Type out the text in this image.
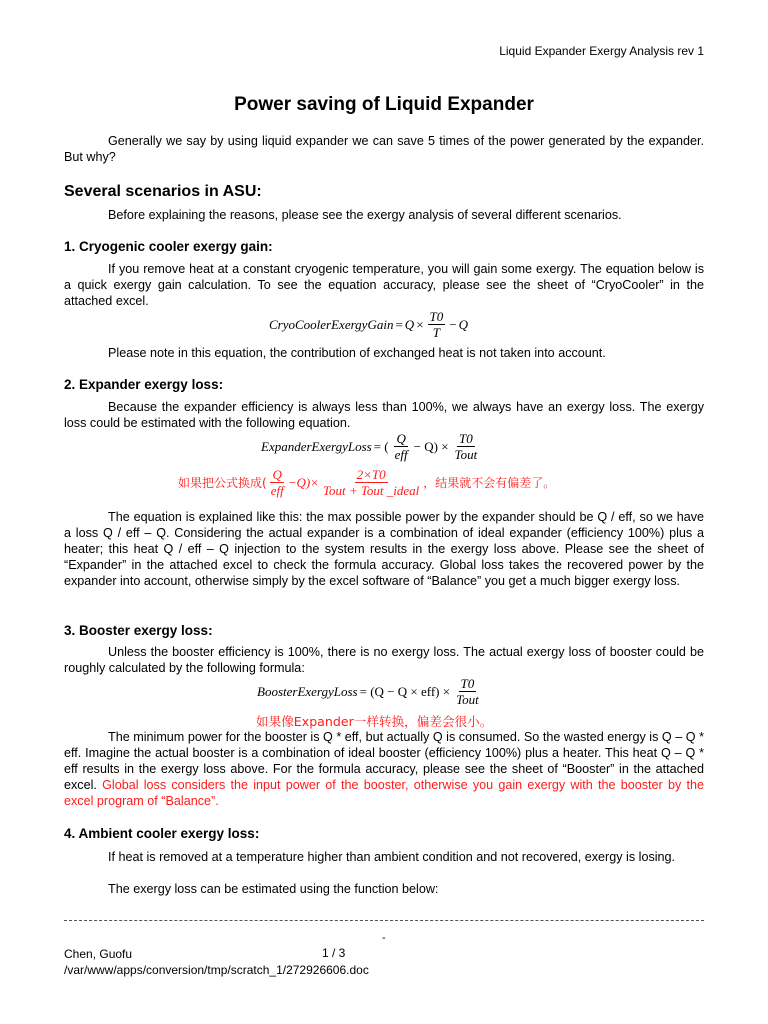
Liquid Expander Exergy Analysis rev 1
Power saving of Liquid Expander

Generally we say by using liquid expander we can save 5 times of the power generated by the expander. But why?

Several scenarios in ASU:

Before explaining the reasons, please see the exergy analysis of several different scenarios.

1. Cryogenic cooler exergy gain:

If you remove heat at a constant cryogenic temperature, you will gain some exergy. The equation below is a quick exergy gain calculation. To see the equation accuracy, please see the sheet of “CryoCooler” in the attached excel.

CryoCoolerExergyGain = $Q \times \frac{T0}{T} - Q$

Please note in this equation, the contribution of exchanged heat is not taken into account.

2. Expander exergy loss:

Because the expander efficiency is always less than 100%, we always have an exergy loss. The exergy loss could be estimated with the following equation.

ExpanderExergyLoss = ( $\frac{Q}{\text{eff}} - Q) \times \frac{T0}{\text{Tout}}$
如果把公式换成( $\frac{Q}{\text{eff}} -Q)\times \frac{2\times T0}{\text{Tout + Tout \_ideal}}$ ，结果就不会有偏差了。

The equation is explained like this: the max possible power by the expander should be Q / eff, so we have a loss Q / eff – Q. Considering the actual expander is a combination of ideal expander (efficiency 100%) plus a heater; this heat Q / eff – Q injection to the system results in the exergy loss above. Please see the sheet of “Expander” in the attached excel to check the formula accuracy. Global loss takes the recovered power by the expander into account, otherwise simply by the excel software of “Balance” you get a much bigger exergy loss.

3. Booster exergy loss:

Unless the booster efficiency is 100%, there is no exergy loss. The actual exergy loss of booster could be roughly calculated by the following formula:

BoosterExergyLoss = $(Q - Q \times eff) \times \frac{T0}{\text{Tout}}$
如果像Expander一样转换，偏差会很小。

The minimum power for the booster is Q * eff, but actually Q is consumed. So the wasted energy is Q – Q * eff. Imagine the actual booster is a combination of ideal booster (efficiency 100%) plus a heater. This heat Q – Q * eff results in the exergy loss above. For the formula accuracy, please see the sheet of “Booster” in the attached excel. Global loss considers the input power of the booster, otherwise you gain exergy with the booster by the excel program of “Balance”.

4. Ambient cooler exergy loss:

If heat is removed at a temperature higher than ambient condition and not recovered, exergy is losing.

The exergy loss can be estimated using the function below:

-
Chen, Guofu
/var/www/apps/conversion/tmp/scratch_1/272926606.doc
1 / 3
